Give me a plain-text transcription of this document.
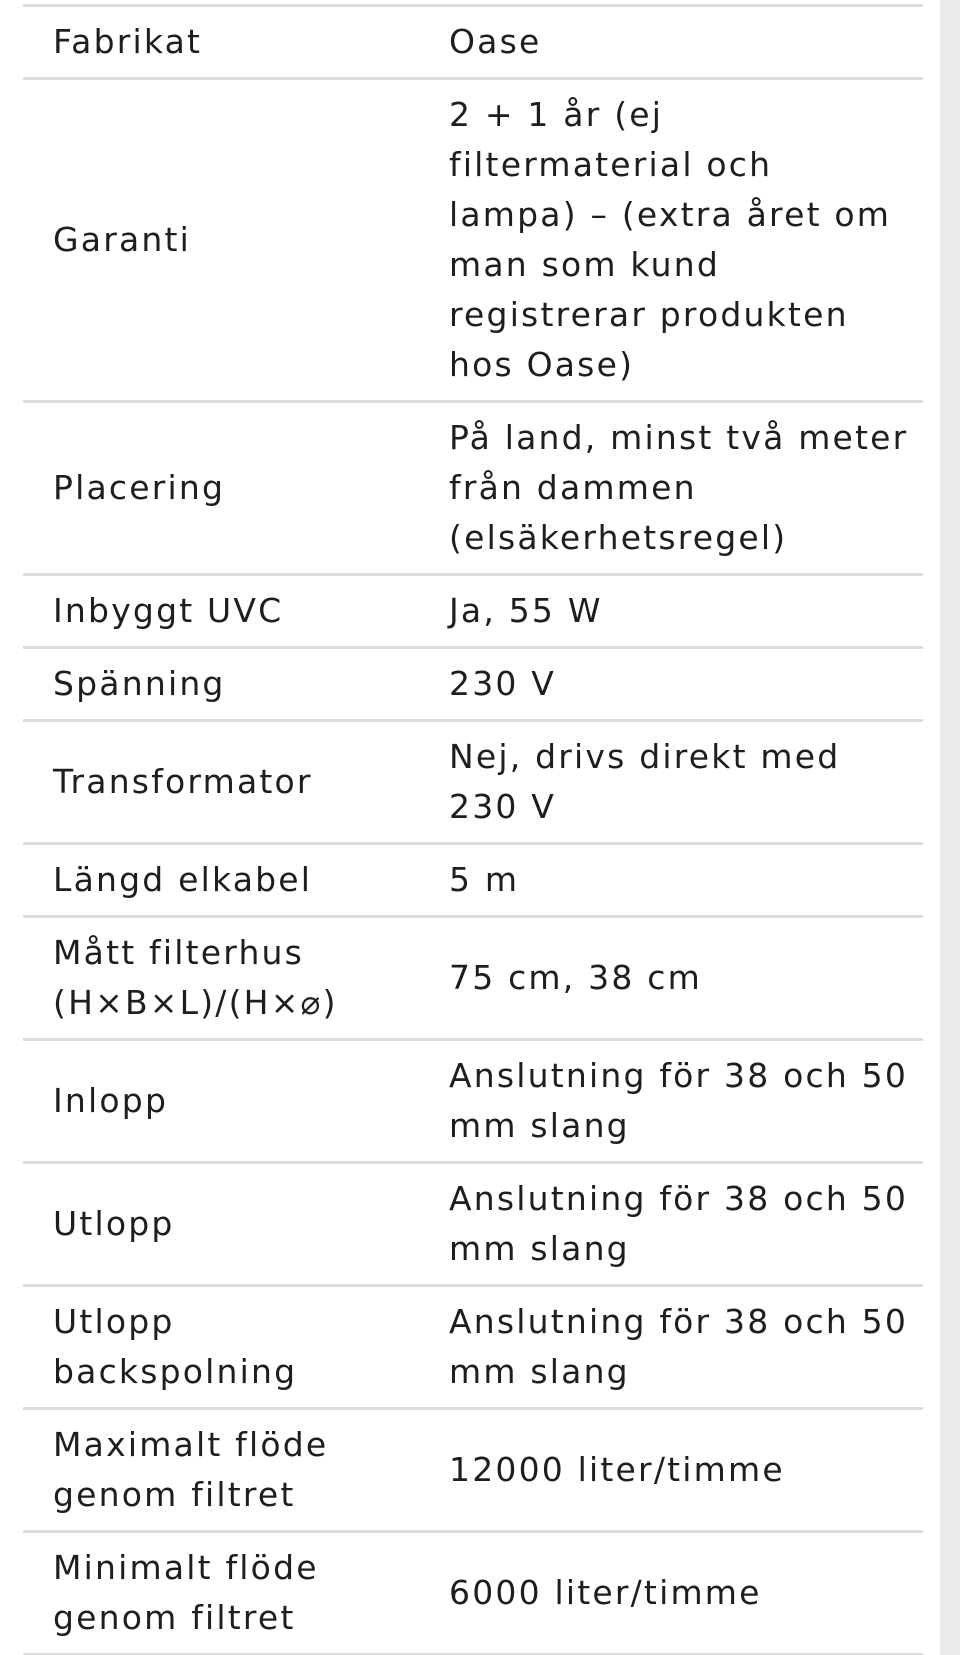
Fabrikat	Oase
Garanti	2 + 1 år (ej filtermaterial och lampa) – (extra året om man som kund registrerar produkten hos Oase)
Placering	På land, minst två meter från dammen (elsäkerhetsregel)
Inbyggt UVC	Ja, 55 W
Spänning	230 V
Transformator	Nej, drivs direkt med 230 V
Längd elkabel	5 m
Mått filterhus (H×B×L)/(H×⌀)	75 cm, 38 cm
Inlopp	Anslutning för 38 och 50 mm slang
Utlopp	Anslutning för 38 och 50 mm slang
Utlopp backspolning	Anslutning för 38 och 50 mm slang
Maximalt flöde genom filtret	12000 liter/timme
Minimalt flöde genom filtret	6000 liter/timme
